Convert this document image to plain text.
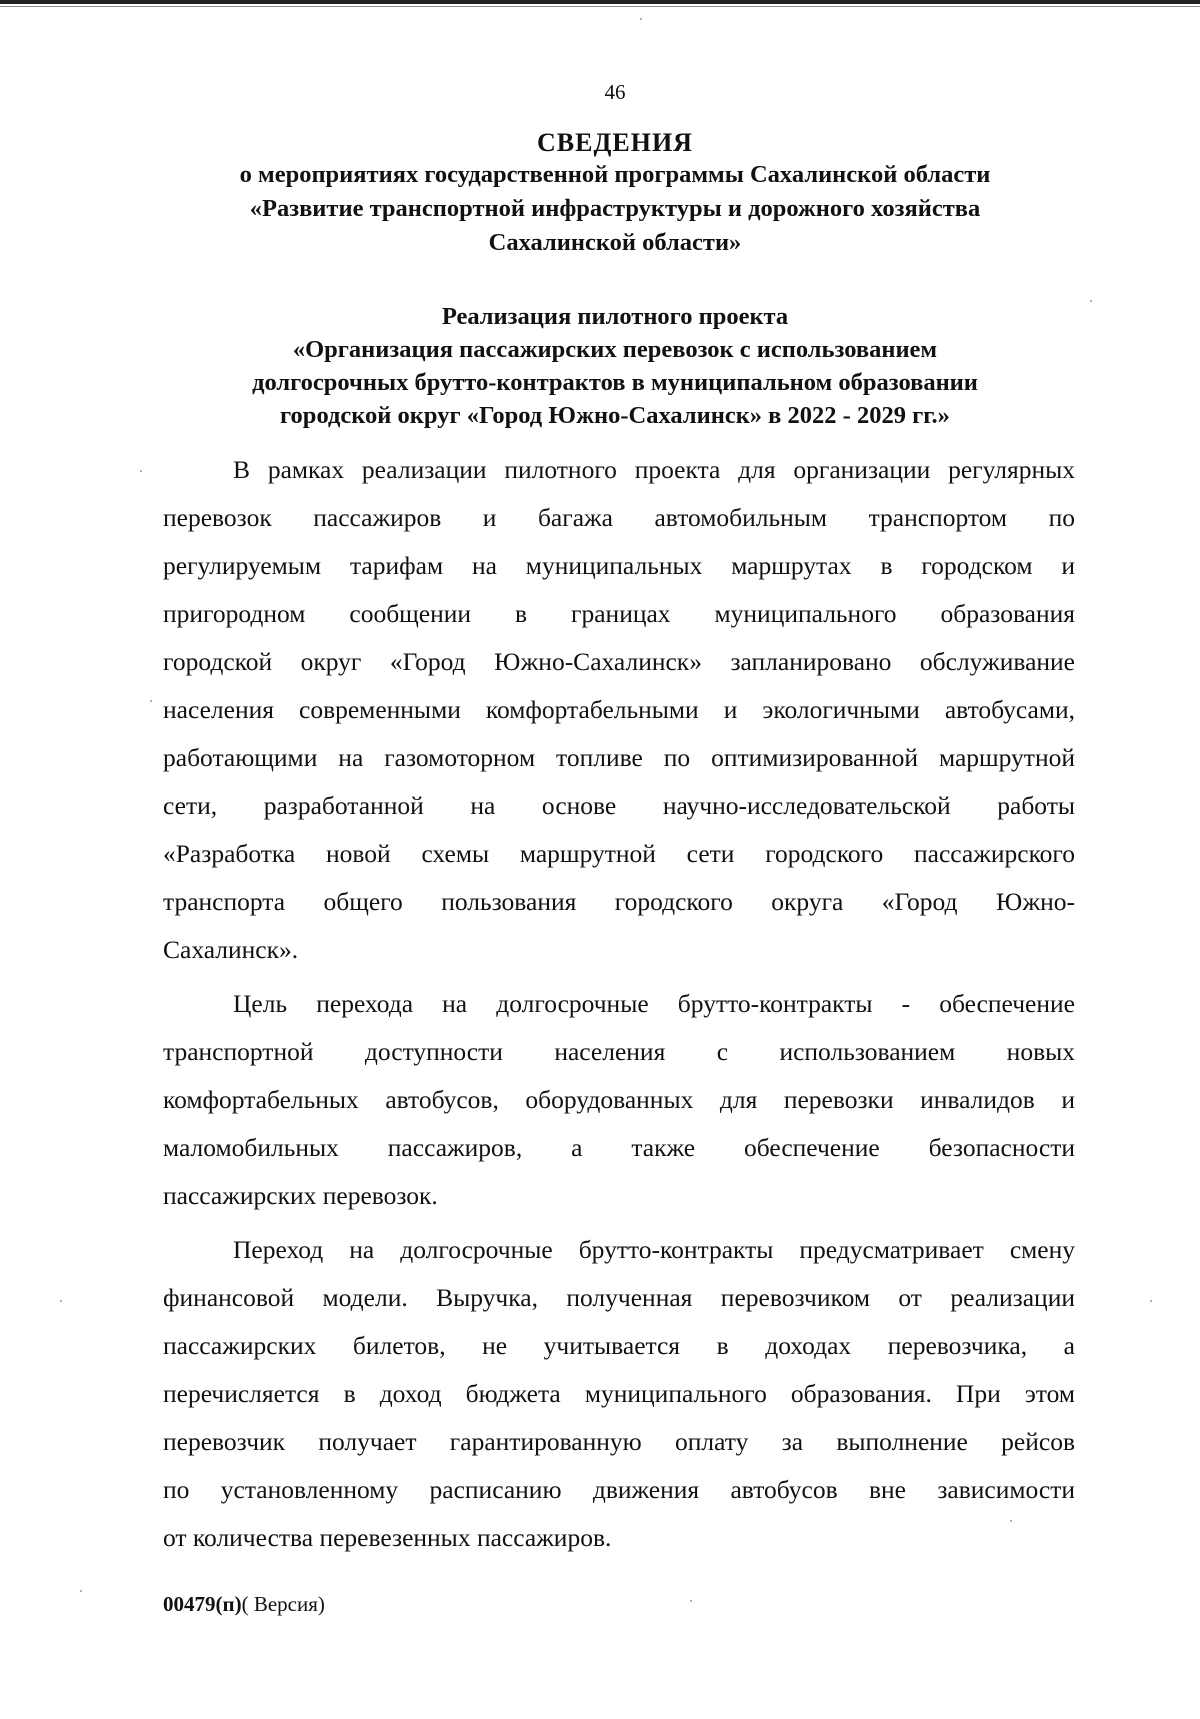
46
СВЕДЕНИЯ
о мероприятиях государственной программы Сахалинской области
«Развитие транспортной инфраструктуры и дорожного хозяйства
Сахалинской области»
Реализация пилотного проекта
«Организация пассажирских перевозок с использованием
долгосрочных брутто-контрактов в муниципальном образовании
городской округ «Город Южно-Сахалинск» в 2022 - 2029 гг.»

В рамках реализации пилотного проекта для организации регулярных
перевозок пассажиров и багажа автомобильным транспортом по
регулируемым тарифам на муниципальных маршрутах в городском и
пригородном сообщении в границах муниципального образования
городской округ «Город Южно-Сахалинск» запланировано обслуживание
населения современными комфортабельными и экологичными автобусами,
работающими на газомоторном топливе по оптимизированной маршрутной
сети, разработанной на основе научно-исследовательской работы
«Разработка новой схемы маршрутной сети городского пассажирского
транспорта общего пользования городского округа «Город Южно-
Сахалинск».

Цель перехода на долгосрочные брутто-контракты - обеспечение
транспортной доступности населения с использованием новых
комфортабельных автобусов, оборудованных для перевозки инвалидов и
маломобильных пассажиров, а также обеспечение безопасности
пассажирских перевозок.

Переход на долгосрочные брутто-контракты предусматривает смену
финансовой модели. Выручка, полученная перевозчиком от реализации
пассажирских билетов, не учитывается в доходах перевозчика, а
перечисляется в доход бюджета муниципального образования. При этом
перевозчик получает гарантированную оплату за выполнение рейсов
по установленному расписанию движения автобусов вне зависимости
от количества перевезенных пассажиров.

00479(п)( Версия)
